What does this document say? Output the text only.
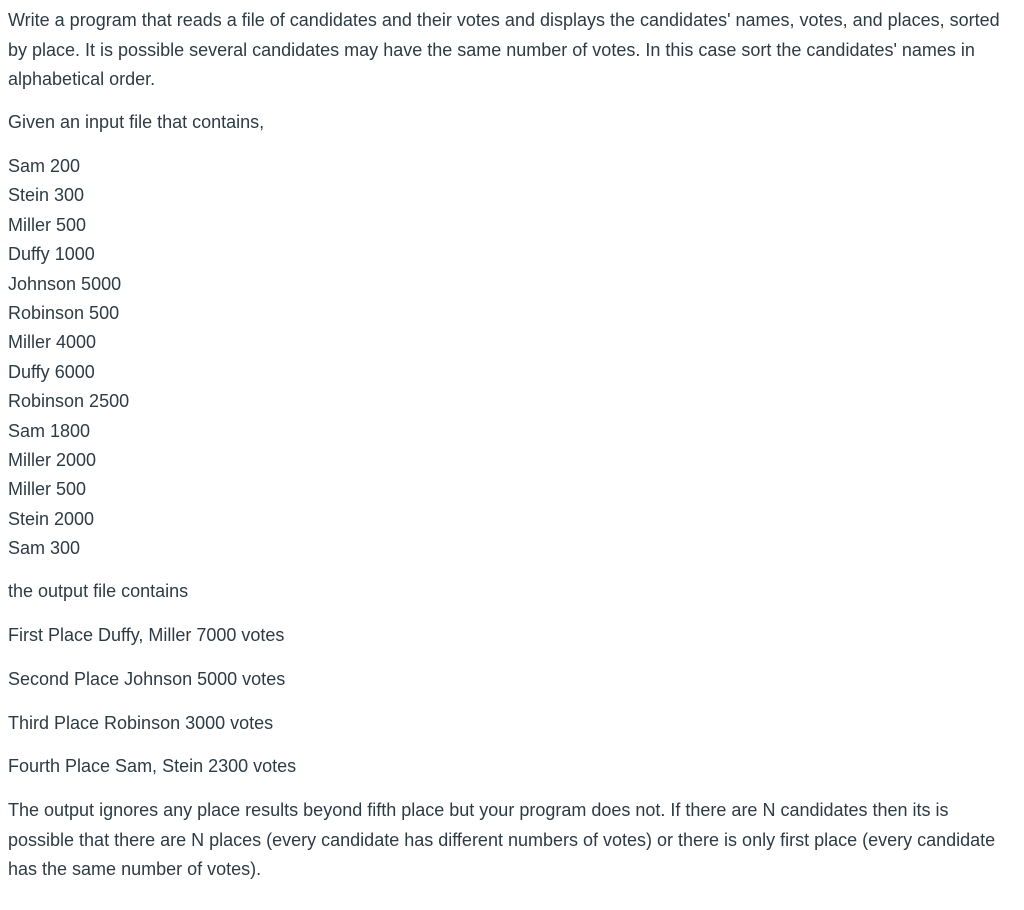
Write a program that reads a file of candidates and their votes and displays the candidates' names, votes, and places, sorted by place. It is possible several candidates may have the same number of votes. In this case sort the candidates' names in alphabetical order.

Given an input file that contains,

Sam 200
Stein 300
Miller 500
Duffy 1000
Johnson 5000
Robinson 500
Miller 4000
Duffy 6000
Robinson 2500
Sam 1800
Miller 2000
Miller 500
Stein 2000
Sam 300

the output file contains

First Place Duffy, Miller 7000 votes

Second Place Johnson 5000 votes

Third Place Robinson 3000 votes

Fourth Place Sam, Stein 2300 votes

The output ignores any place results beyond fifth place but your program does not. If there are N candidates then its is possible that there are N places (every candidate has different numbers of votes) or there is only first place (every candidate has the same number of votes).
